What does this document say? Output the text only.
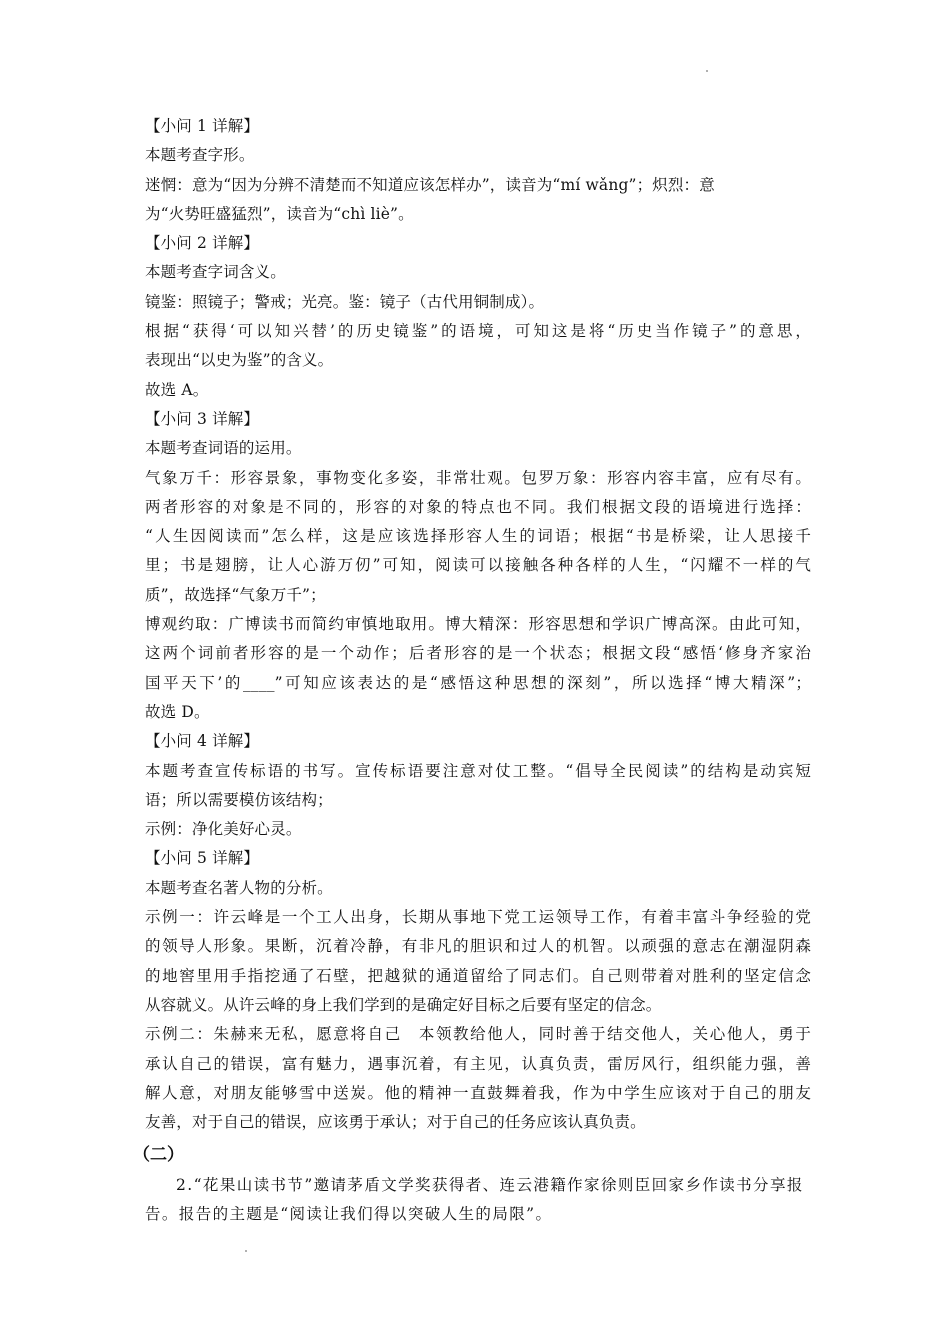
【小问 1 详解】
本题考查字形。
迷惘：意为“因为分辨不清楚而不知道应该怎样办”，读音为“mí wǎng”；炽烈：意
为“火势旺盛猛烈”，读音为“chì liè”。
【小问 2 详解】
本题考查字词含义。
镜鉴：照镜子；警戒；光亮。鉴：镜子（古代用铜制成）。
根据“获得‘可以知兴替’的历史镜鉴”的语境，可知这是将“历史当作镜子”的意思，
表现出“以史为鉴”的含义。
故选 A。
【小问 3 详解】
本题考查词语的运用。
气象万千：形容景象，事物变化多姿，非常壮观。包罗万象：形容内容丰富，应有尽有。
两者形容的对象是不同的，形容的对象的特点也不同。我们根据文段的语境进行选择：
“人生因阅读而”怎么样，这是应该选择形容人生的词语；根据“书是桥梁，让人思接千
里；书是翅膀，让人心游万仞”可知，阅读可以接触各种各样的人生，“闪耀不一样的气
质”，故选择“气象万千”；
博观约取：广博读书而简约审慎地取用。博大精深：形容思想和学识广博高深。由此可知，
这两个词前者形容的是一个动作；后者形容的是一个状态；根据文段“感悟‘修身齐家治
国平天下’的____”可知应该表达的是“感悟这种思想的深刻”，所以选择“博大精深”；
故选 D。
【小问 4 详解】
本题考查宣传标语的书写。宣传标语要注意对仗工整。“倡导全民阅读”的结构是动宾短
语；所以需要模仿该结构；
示例：净化美好心灵。
【小问 5 详解】
本题考查名著人物的分析。
示例一：许云峰是一个工人出身，长期从事地下党工运领导工作，有着丰富斗争经验的党
的领导人形象。果断，沉着冷静，有非凡的胆识和过人的机智。以顽强的意志在潮湿阴森
的地窖里用手指挖通了石壁，把越狱的通道留给了同志们。自己则带着对胜利的坚定信念
从容就义。从许云峰的身上我们学到的是确定好目标之后要有坚定的信念。
示例二：朱赫来无私，愿意将自己　本领教给他人，同时善于结交他人，关心他人，勇于
承认自己的错误，富有魅力，遇事沉着，有主见，认真负责，雷厉风行，组织能力强，善
解人意，对朋友能够雪中送炭。他的精神一直鼓舞着我，作为中学生应该对于自己的朋友
友善，对于自己的错误，应该勇于承认；对于自己的任务应该认真负责。
（二）
2.“花果山读书节”邀请茅盾文学奖获得者、连云港籍作家徐则臣回家乡作读书分享报告。报告的主题是“阅读让我们得以突破人生的局限”。
